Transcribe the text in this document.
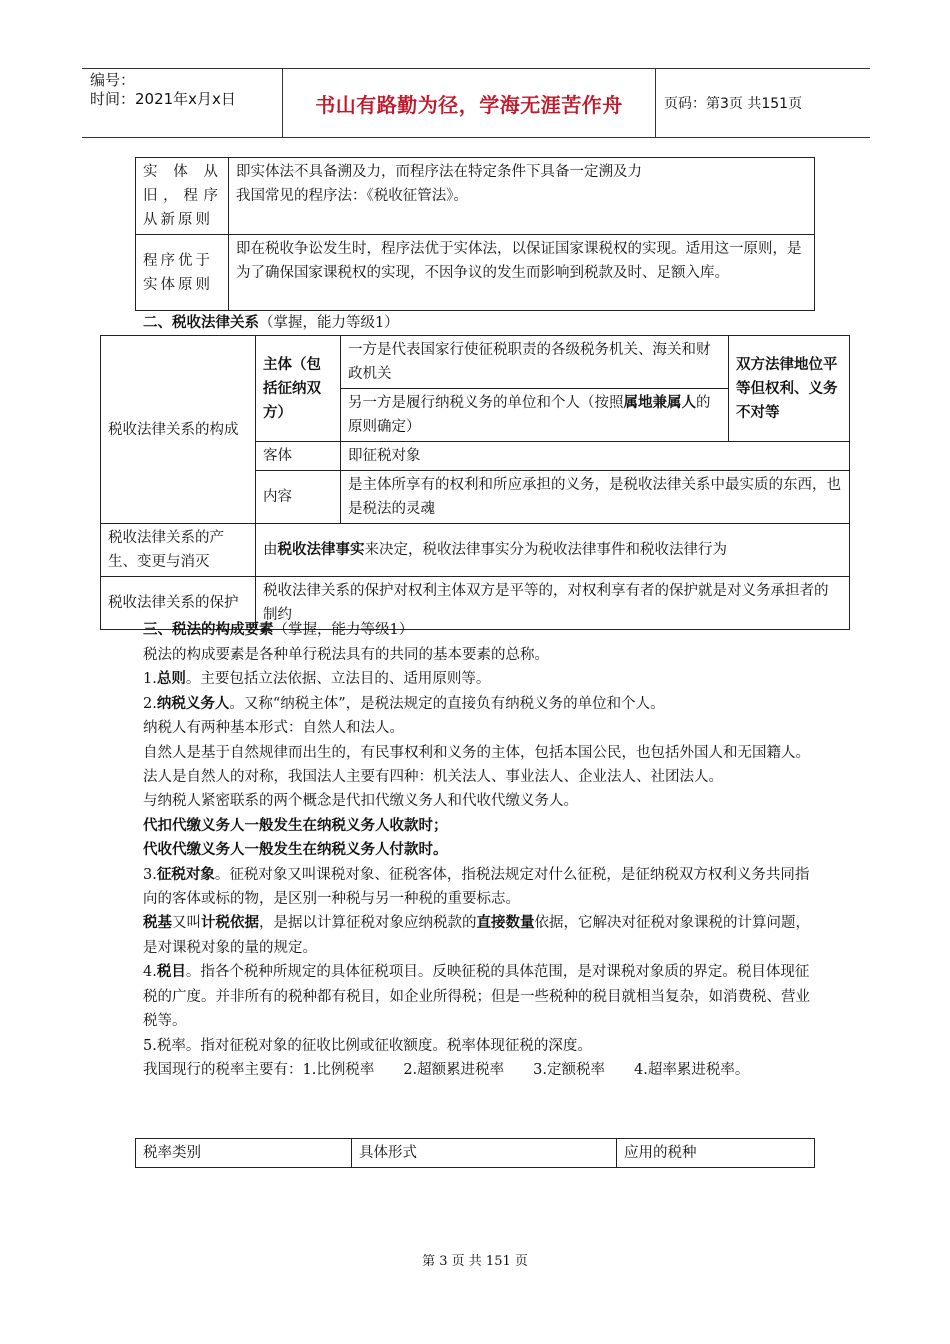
编号：
时间：2021年x月x日	书山有路勤为径，学海无涯苦作舟	页码：第3页 共151页
实体从旧，程序从新原则	即实体法不具备溯及力，而程序法在特定条件下具备一定溯及力
我国常见的程序法：《税收征管法》。

程序优于实体原则	即在税收争讼发生时，程序法优于实体法，以保证国家课税权的实现。适用这一原则，是为了确保国家课税权的实现，不因争议的发生而影响到税款及时、足额入库。
二、税收法律关系（掌握，能力等级1）
税收法律关系的构成	主体（包括征纳双方）	一方是代表国家行使征税职责的各级税务机关、海关和财政机关	双方法律地位平等但权利、义务不对等
		另一方是履行纳税义务的单位和个人（按照属地兼属人的原则确定）	
	客体	即征税对象	
	内容	是主体所享有的权利和所应承担的义务，是税收法律关系中最实质的东西，也是税法的灵魂	
税收法律关系的产生、变更与消灭	由税收法律事实来决定，税收法律事实分为税收法律事件和税收法律行为		
税收法律关系的保护	税收法律关系的保护对权利主体双方是平等的，对权利享有者的保护就是对义务承担者的制约		
三、税法的构成要素（掌握，能力等级1）

税法的构成要素是各种单行税法具有的共同的基本要素的总称。

1.总则。主要包括立法依据、立法目的、适用原则等。

2.纳税义务人。又称“纳税主体”，是税法规定的直接负有纳税义务的单位和个人。

纳税人有两种基本形式：自然人和法人。

自然人是基于自然规律而出生的，有民事权利和义务的主体，包括本国公民，也包括外国人和无国籍人。法人是自然人的对称，我国法人主要有四种：机关法人、事业法人、企业法人、社团法人。

与纳税人紧密联系的两个概念是代扣代缴义务人和代收代缴义务人。

代扣代缴义务人一般发生在纳税义务人收款时；

代收代缴义务人一般发生在纳税义务人付款时。

3.征税对象。征税对象又叫课税对象、征税客体，指税法规定对什么征税，是征纳税双方权利义务共同指向的客体或标的物，是区别一种税与另一种税的重要标志。

税基又叫计税依据，是据以计算征税对象应纳税款的直接数量依据，它解决对征税对象课税的计算问题，是对课税对象的量的规定。

4.税目。指各个税种所规定的具体征税项目。反映征税的具体范围，是对课税对象质的界定。税目体现征税的广度。并非所有的税种都有税目，如企业所得税；但是一些税种的税目就相当复杂，如消费税、营业税等。

5.税率。指对征税对象的征收比例或征收额度。税率体现征税的深度。

我国现行的税率主要有：1.比例税率　　2.超额累进税率　　3.定额税率　　4.超率累进税率。

税率类别	具体形式	应用的税种
第 3 页 共 151 页
